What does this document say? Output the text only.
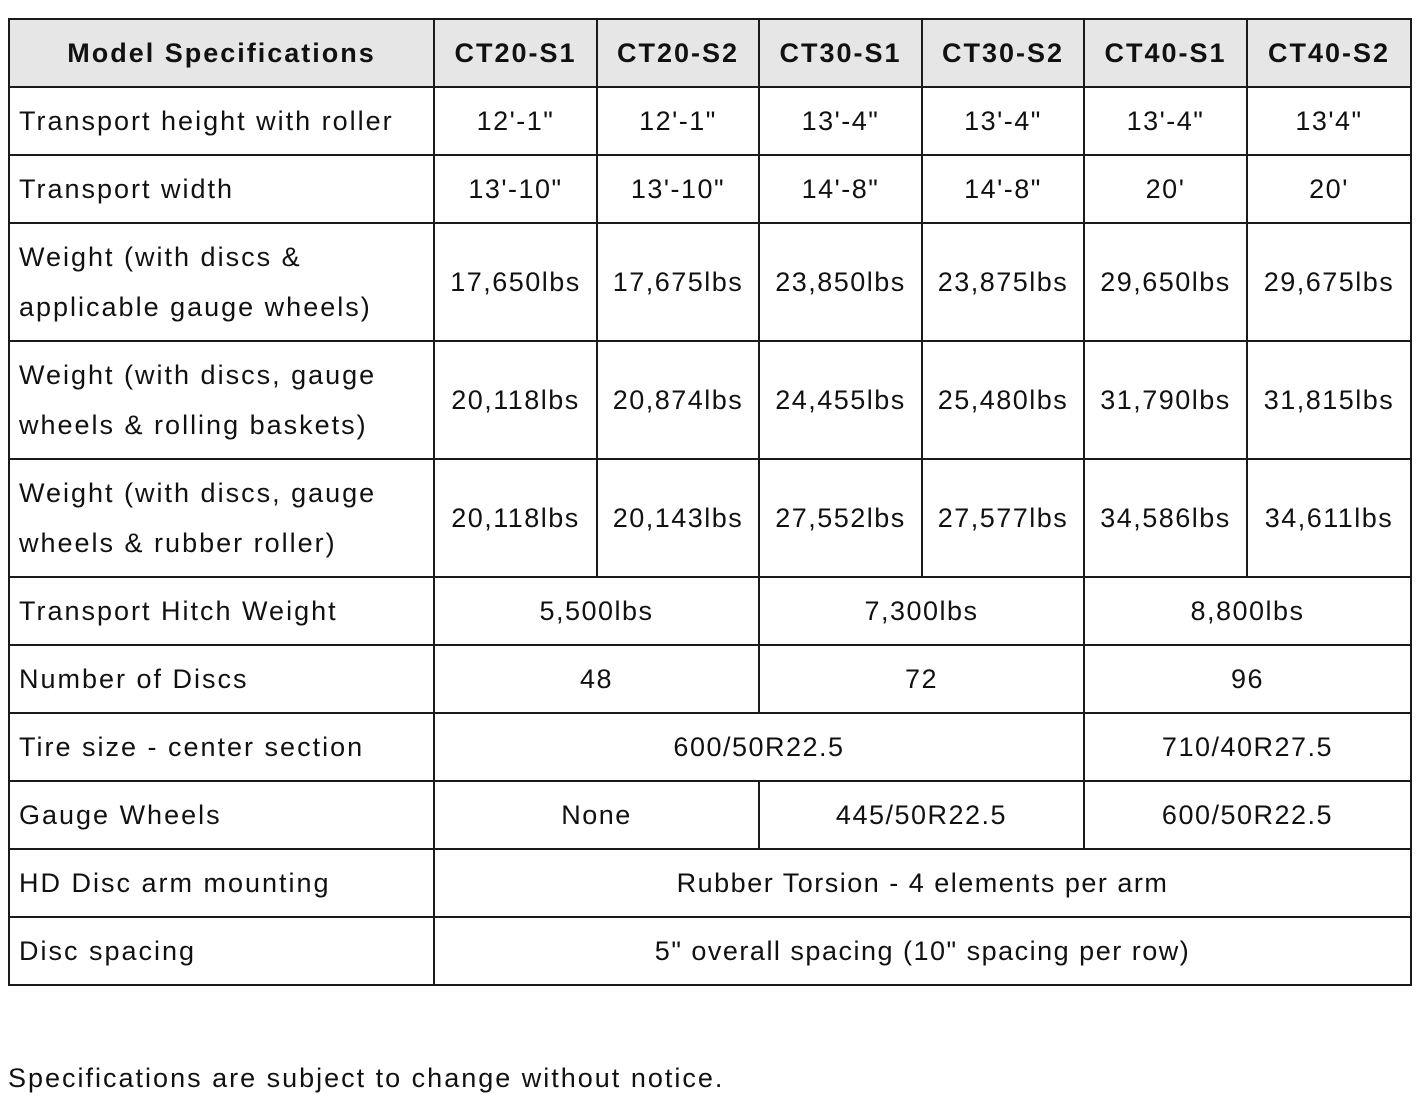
Model Specifications	CT20-S1	CT20-S2	CT30-S1	CT30-S2	CT40-S1	CT40-S2
Transport height with roller	12'-1"	12'-1"	13'-4"	13'-4"	13'-4"	13'4"
Transport width	13'-10"	13'-10"	14'-8"	14'-8"	20'	20'
Weight (with discs & applicable gauge wheels)	17,650lbs	17,675lbs	23,850lbs	23,875lbs	29,650lbs	29,675lbs
Weight (with discs, gauge wheels & rolling baskets)	20,118lbs	20,874lbs	24,455lbs	25,480lbs	31,790lbs	31,815lbs
Weight (with discs, gauge wheels & rubber roller)	20,118lbs	20,143lbs	27,552lbs	27,577lbs	34,586lbs	34,611lbs
Transport Hitch Weight	5,500lbs		7,300lbs		8,800lbs	
Number of Discs	48		72		96	
Tire size - center section	600/50R22.5				710/40R27.5	
Gauge Wheels	None		445/50R22.5		600/50R22.5	
HD Disc arm mounting	Rubber Torsion - 4 elements per arm					
Disc spacing	5" overall spacing (10" spacing per row)					
Specifications are subject to change without notice.
